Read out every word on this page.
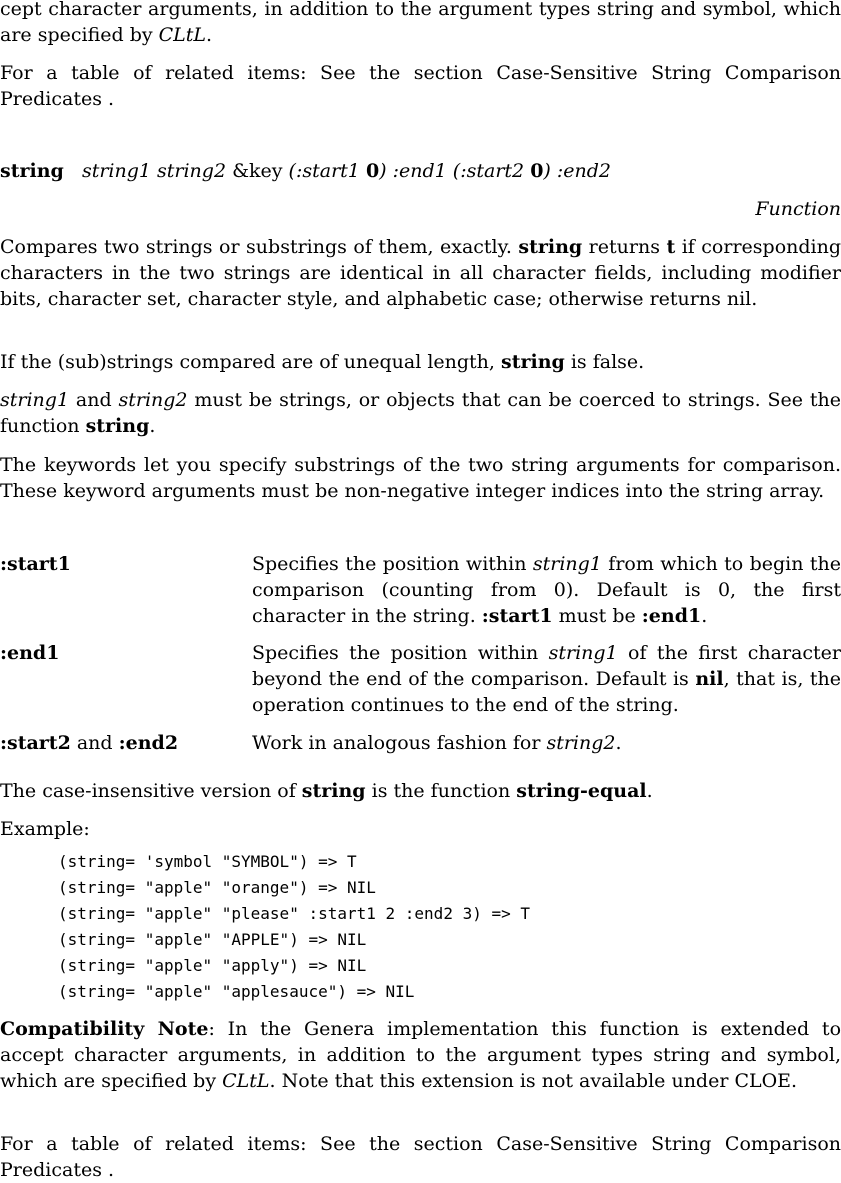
cept character arguments, in addition to the argument types string and symbol, which are specified by CLtL.

For a table of related items: See the section Case-Sensitive String Comparison Predicates .

string string1 string2 &key (:start1 0) :end1 (:start2 0) :end2
Function

Compares two strings or substrings of them, exactly. string returns t if corresponding characters in the two strings are identical in all character fields, including modifier bits, character set, character style, and alphabetic case; otherwise returns nil.

If the (sub)strings compared are of unequal length, string is false.

string1 and string2 must be strings, or objects that can be coerced to strings. See the function string.

The keywords let you specify substrings of the two string arguments for comparison. These keyword arguments must be non-negative integer indices into the string array.

:start1	Specifies the position within string1 from which to begin the comparison (counting from 0). Default is 0, the first character in the string. :start1 must be :end1.
:end1	Specifies the position within string1 of the first character beyond the end of the comparison. Default is nil, that is, the operation continues to the end of the string.
:start2 and :end2	Work in analogous fashion for string2.

The case-insensitive version of string is the function string-equal.

Example:

(string= 'symbol "SYMBOL") => T
(string= "apple" "orange") => NIL
(string= "apple" "please" :start1 2 :end2 3) => T
(string= "apple" "APPLE") => NIL
(string= "apple" "apply") => NIL
(string= "apple" "applesauce") => NIL

Compatibility Note: In the Genera implementation this function is extended to accept character arguments, in addition to the argument types string and symbol, which are specified by CLtL. Note that this extension is not available under CLOE.

For a table of related items: See the section Case-Sensitive String Comparison Predicates .
